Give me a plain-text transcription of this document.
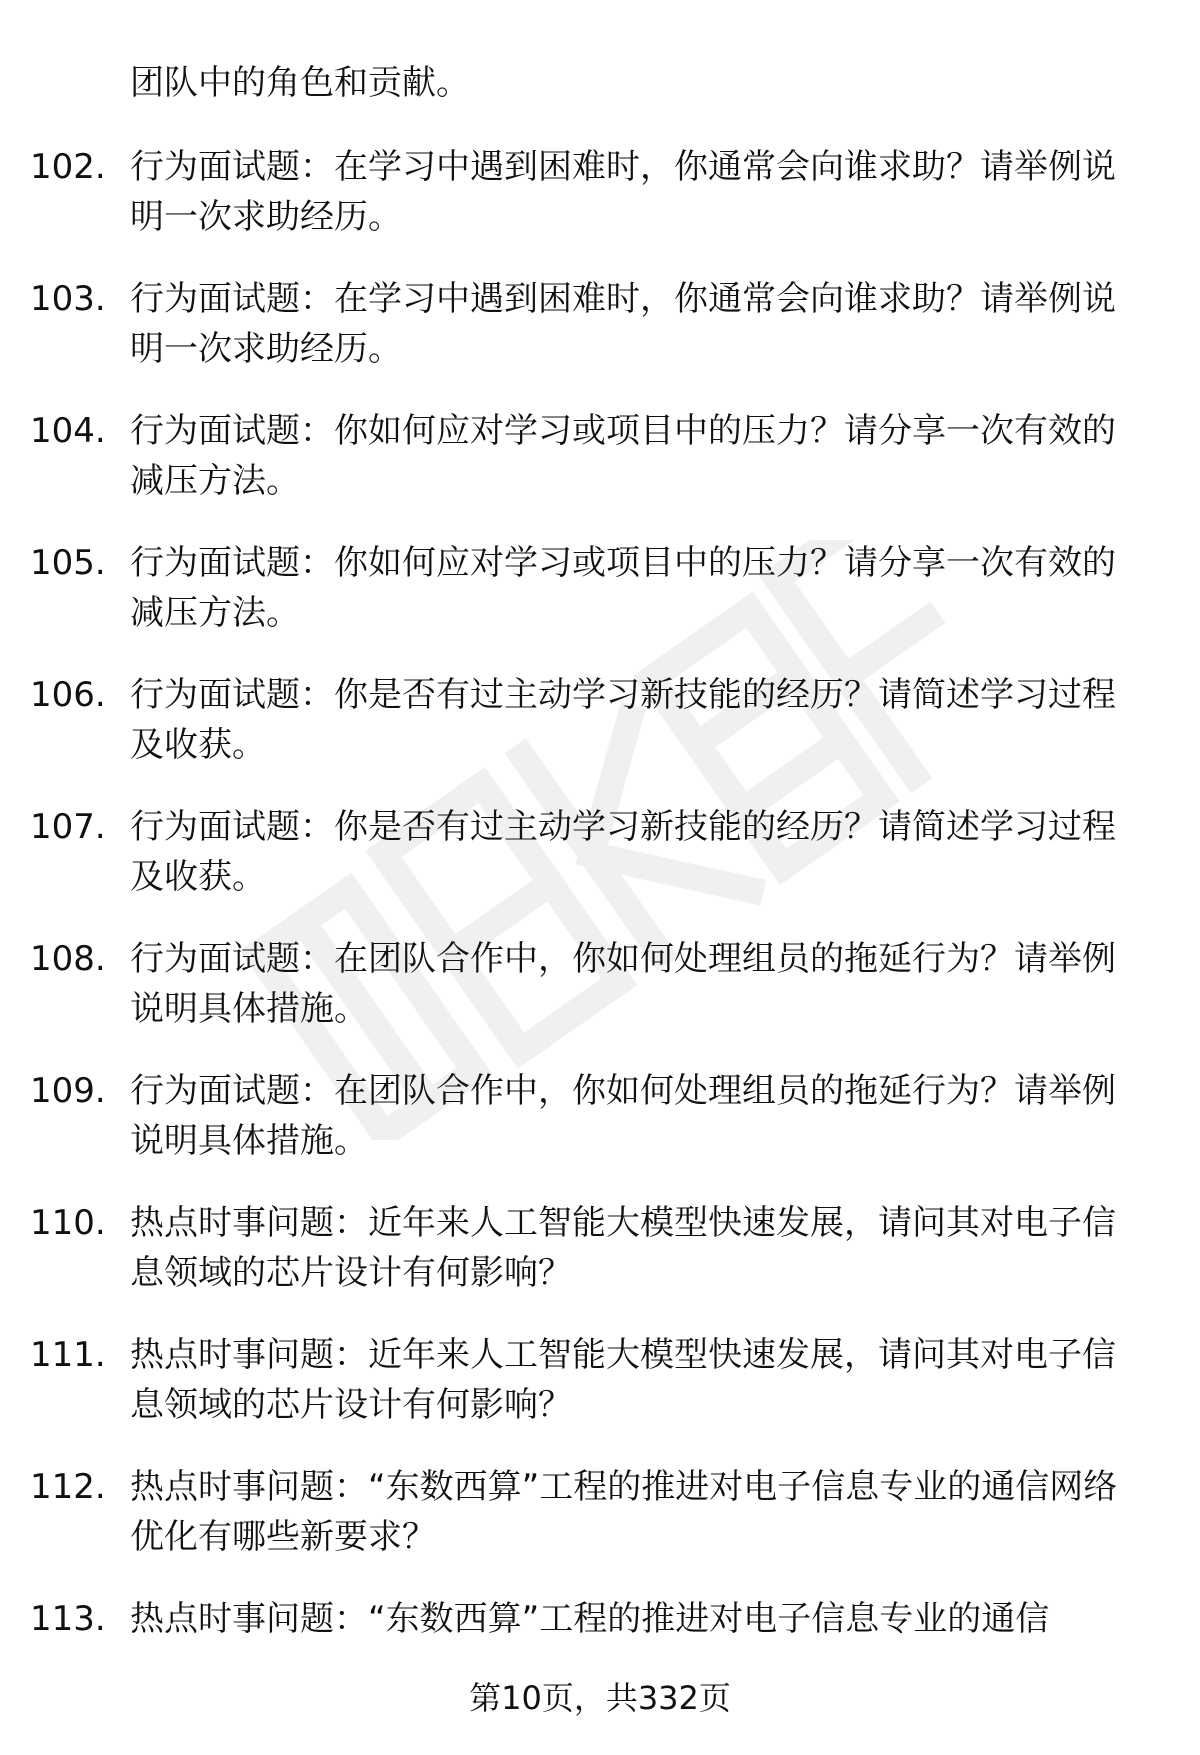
团队中的角色和贡献。

102. 行为面试题：在学习中遇到困难时，你通常会向谁求助？请举例说明一次求助经历。

103. 行为面试题：在学习中遇到困难时，你通常会向谁求助？请举例说明一次求助经历。

104. 行为面试题：你如何应对学习或项目中的压力？请分享一次有效的减压方法。

105. 行为面试题：你如何应对学习或项目中的压力？请分享一次有效的减压方法。

106. 行为面试题：你是否有过主动学习新技能的经历？请简述学习过程及收获。

107. 行为面试题：你是否有过主动学习新技能的经历？请简述学习过程及收获。

108. 行为面试题：在团队合作中，你如何处理组员的拖延行为？请举例说明具体措施。

109. 行为面试题：在团队合作中，你如何处理组员的拖延行为？请举例说明具体措施。

110. 热点时事问题：近年来人工智能大模型快速发展，请问其对电子信息领域的芯片设计有何影响？

111. 热点时事问题：近年来人工智能大模型快速发展，请问其对电子信息领域的芯片设计有何影响？

112. 热点时事问题：“东数西算”工程的推进对电子信息专业的通信网络优化有哪些新要求？

113. 热点时事问题：“东数西算”工程的推进对电子信息专业的通信

第10页，共332页
